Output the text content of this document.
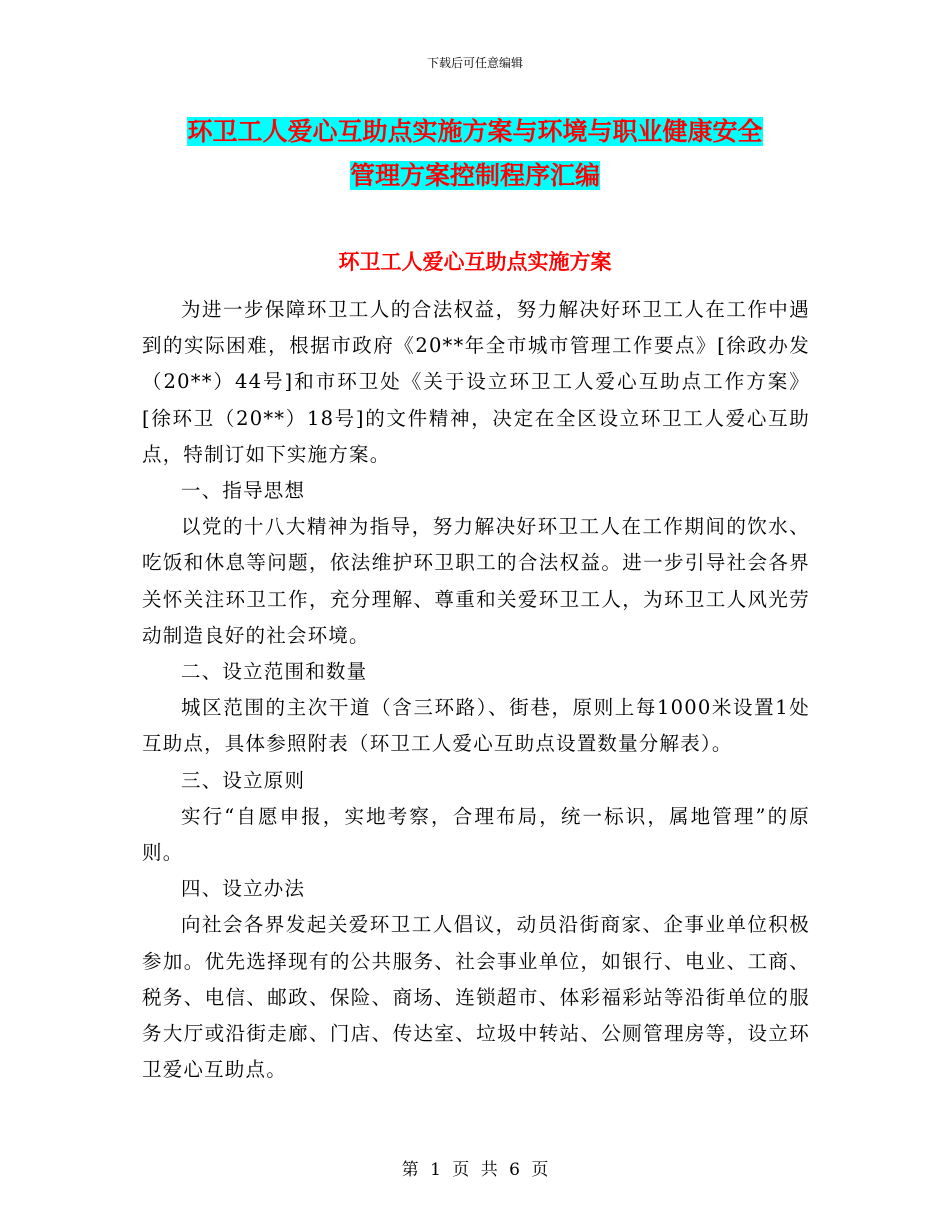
下载后可任意编辑
环卫工人爱心互助点实施方案与环境与职业健康安全
管理方案控制程序汇编
环卫工人爱心互助点实施方案

为进一步保障环卫工人的合法权益，努力解决好环卫工人在工作中遇到的实际困难，根据市政府《20**年全市城市管理工作要点》[徐政办发（20**）44号]和市环卫处《关于设立环卫工人爱心互助点工作方案》[徐环卫（20**）18号]的文件精神，决定在全区设立环卫工人爱心互助点，特制订如下实施方案。

一、指导思想

以党的十八大精神为指导，努力解决好环卫工人在工作期间的饮水、吃饭和休息等问题，依法维护环卫职工的合法权益。进一步引导社会各界关怀关注环卫工作，充分理解、尊重和关爱环卫工人，为环卫工人风光劳动制造良好的社会环境。

二、设立范围和数量

城区范围的主次干道（含三环路）、街巷，原则上每1000米设置1处互助点，具体参照附表（环卫工人爱心互助点设置数量分解表）。

三、设立原则

实行“自愿申报，实地考察，合理布局，统一标识，属地管理”的原则。

四、设立办法

向社会各界发起关爱环卫工人倡议，动员沿街商家、企事业单位积极参加。优先选择现有的公共服务、社会事业单位，如银行、电业、工商、税务、电信、邮政、保险、商场、连锁超市、体彩福彩站等沿街单位的服务大厅或沿街走廊、门店、传达室、垃圾中转站、公厕管理房等，设立环卫爱心互助点。

第 1 页 共 6 页
